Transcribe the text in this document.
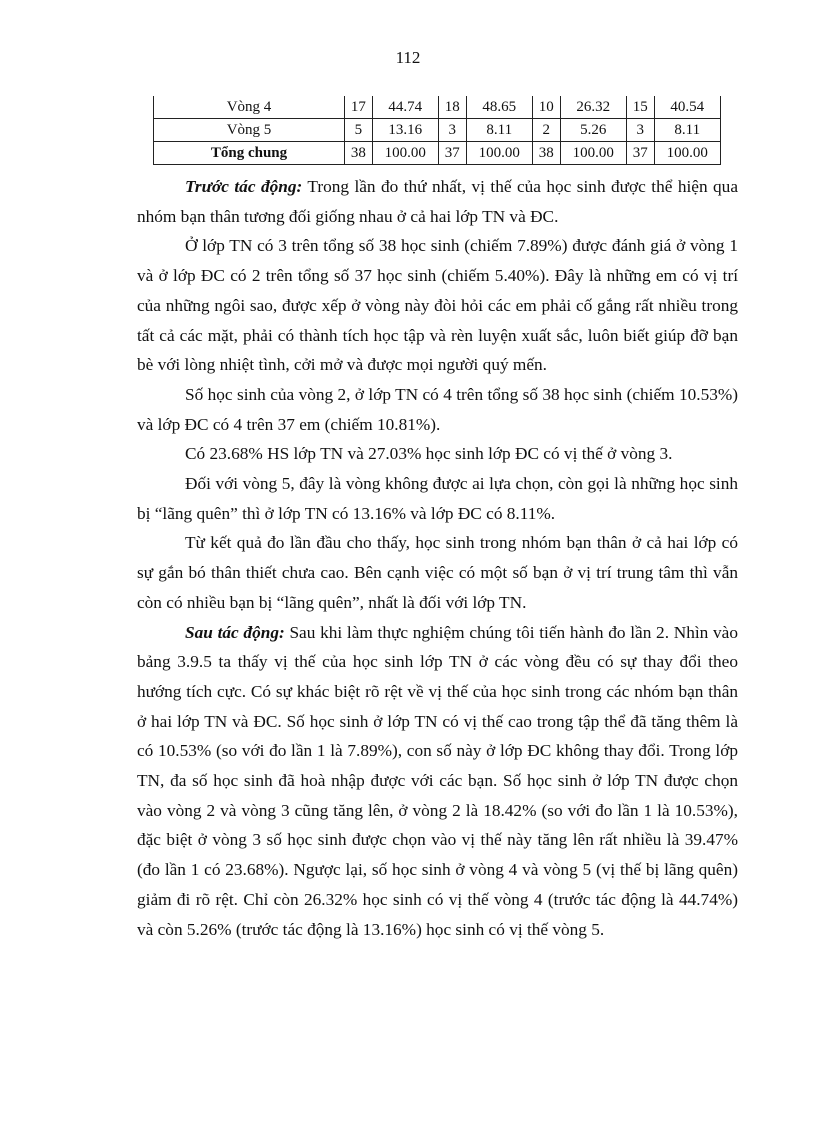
112
Vòng 4	17	44.74	18	48.65	10	26.32	15	40.54
Vòng 5	5	13.16	3	8.11	2	5.26	3	8.11
Tổng chung	38	100.00	37	100.00	38	100.00	37	100.00

Trước tác động: Trong lần đo thứ nhất, vị thế của học sinh được thể hiện qua nhóm bạn thân tương đối giống nhau ở cả hai lớp TN và ĐC.

Ở lớp TN có 3 trên tổng số 38 học sinh (chiếm 7.89%) được đánh giá ở vòng 1 và ở lớp ĐC có 2 trên tổng số 37 học sinh (chiếm 5.40%). Đây là những em có vị trí của những ngôi sao, được xếp ở vòng này đòi hỏi các em phải cố gắng rất nhiều trong tất cả các mặt, phải có thành tích học tập và rèn luyện xuất sắc, luôn biết giúp đỡ bạn bè với lòng nhiệt tình, cởi mở và được mọi người quý mến.

Số học sinh của vòng 2, ở lớp TN có 4 trên tổng số 38 học sinh (chiếm 10.53%) và lớp ĐC có 4 trên 37 em (chiếm 10.81%).

Có 23.68% HS lớp TN và 27.03% học sinh lớp ĐC có vị thế ở vòng 3.

Đối với vòng 5, đây là vòng không được ai lựa chọn, còn gọi là những học sinh bị “lãng quên” thì ở lớp TN có 13.16% và lớp ĐC có 8.11%.

Từ kết quả đo lần đầu cho thấy, học sinh trong nhóm bạn thân ở cả hai lớp có sự gắn bó thân thiết chưa cao. Bên cạnh việc có một số bạn ở vị trí trung tâm thì vẫn còn có nhiều bạn bị “lãng quên”, nhất là đối với lớp TN.

Sau tác động: Sau khi làm thực nghiệm chúng tôi tiến hành đo lần 2. Nhìn vào bảng 3.9.5 ta thấy vị thế của học sinh lớp TN ở các vòng đều có sự thay đổi theo hướng tích cực. Có sự khác biệt rõ rệt về vị thế của học sinh trong các nhóm bạn thân ở hai lớp TN và ĐC. Số học sinh ở lớp TN có vị thế cao trong tập thể đã tăng thêm là có 10.53% (so với đo lần 1 là 7.89%), con số này ở lớp ĐC không thay đổi. Trong lớp TN, đa số học sinh đã hoà nhập được với các bạn. Số học sinh ở lớp TN được chọn vào vòng 2 và vòng 3 cũng tăng lên, ở vòng 2 là 18.42% (so với đo lần 1 là 10.53%), đặc biệt ở vòng 3 số học sinh được chọn vào vị thế này tăng lên rất nhiều là 39.47% (đo lần 1 có 23.68%). Ngược lại, số học sinh ở vòng 4 và vòng 5 (vị thế bị lãng quên) giảm đi rõ rệt. Chỉ còn 26.32% học sinh có vị thế vòng 4 (trước tác động là 44.74%) và còn 5.26% (trước tác động là 13.16%) học sinh có vị thế vòng 5.
